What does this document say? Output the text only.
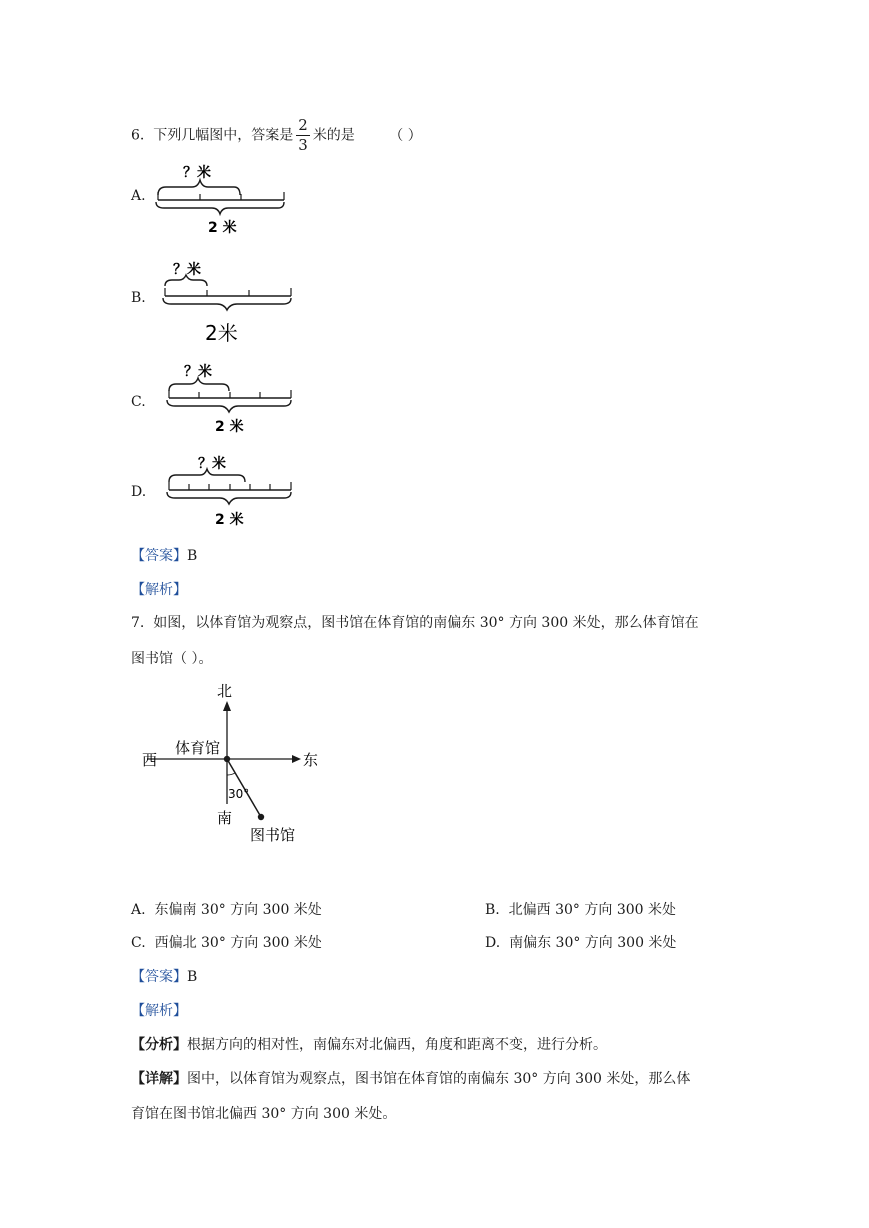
6. 下列几幅图中，答案是 $\frac{2}{3}$ 米的是 （ ）
A.
？米
2 米
B.
？米
2米
C.
？米
2 米
D.
？米
2 米
【答案】B
【解析】
7. 如图，以体育馆为观察点，图书馆在体育馆的南偏东 30° 方向 300 米处，那么体育馆在
图书馆（ ）。
北
东
西
南
体育馆
图书馆
30°
A. 东偏南 30° 方向 300 米处	B. 北偏西 30° 方向 300 米处
C. 西偏北 30° 方向 300 米处	D. 南偏东 30° 方向 300 米处
【答案】B
【解析】
【分析】根据方向的相对性，南偏东对北偏西，角度和距离不变，进行分析。
【详解】图中，以体育馆为观察点，图书馆在体育馆的南偏东 30° 方向 300 米处，那么体
育馆在图书馆北偏西 30° 方向 300 米处。
